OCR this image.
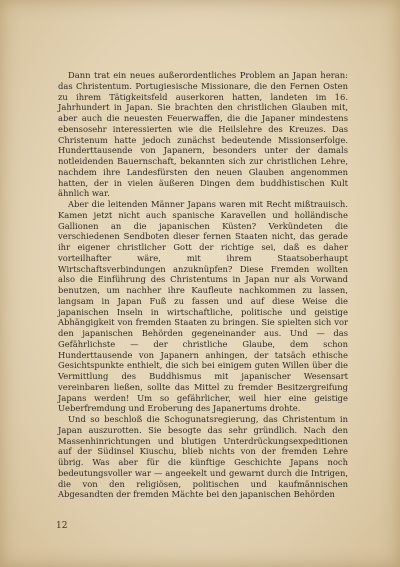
Dann trat ein neues außerordentliches Problem an Japan heran: das Christentum. Portugiesische Missionare, die den Fernen Osten zu ihrem Tätigkeitsfeld auserkoren hatten, landeten im 16. Jahrhundert in Japan. Sie brachten den christlichen Glauben mit, aber auch die neuesten Feuerwaffen, die die Japaner mindestens ebensosehr interessierten wie die Heilslehre des Kreuzes. Das Christenum hatte jedoch zunächst bedeutende Missionserfolge. Hunderttausende von Japanern, besonders unter der damals notleidenden Bauernschaft, bekannten sich zur christlichen Lehre, nachdem ihre Landesfürsten den neuen Glauben angenommen hatten, der in vielen äußeren Dingen dem buddhistischen Kult ähnlich war.

Aber die leitenden Männer Japans waren mit Recht mißtrauisch. Kamen jetzt nicht auch spanische Karavellen und holländische Gallionen an die japanischen Küsten? Verkündeten die verschiedenen Sendboten dieser fernen Staaten nicht, das gerade ihr eigener christlicher Gott der richtige sei, daß es daher vorteilhafter wäre, mit ihrem Staatsoberhaupt Wirtschaftsverbindungen anzuknüpfen? Diese Fremden wollten also die Einführung des Christentums in Japan nur als Vorwand benutzen, um nachher ihre Kaufleute nachkommen zu lassen, langsam in Japan Fuß zu fassen und auf diese Weise die japanischen Inseln in wirtschaftliche, politische und geistige Abhängigkeit von fremden Staaten zu bringen. Sie spielten sich vor den japanischen Behörden gegeneinander aus. Und — das Gefährlichste — der christliche Glaube, dem schon Hunderttausende von Japanern anhingen, der tatsäch ethische Gesichtspunkte enthielt, die sich bei einigem guten Willen über die Vermittlung des Buddhismus mit japanischer Wesensart vereinbaren ließen, sollte das Mittel zu fremder Besitzergreifung Japans werden! Um so gefährlicher, weil hier eine geistige Ueberfremdung und Eroberung des Japanertums drohte.

Und so beschloß die Schogunatsregierung, das Christentum in Japan auszurotten. Sie besogte das sehr gründlich. Nach den Massenhinrichtungen und blutigen Unterdrückungsexpeditionen auf der Südinsel Kiuschu, blieb nichts von der fremden Lehre übrig. Was aber für die künftige Geschichte Japans noch bedeutungsvoller war — angeekelt und gewarnt durch die Intrigen, die von den religiösen, politischen und kaufmännischen Abgesandten der fremden Mächte bei den japanischen Behörden

12
